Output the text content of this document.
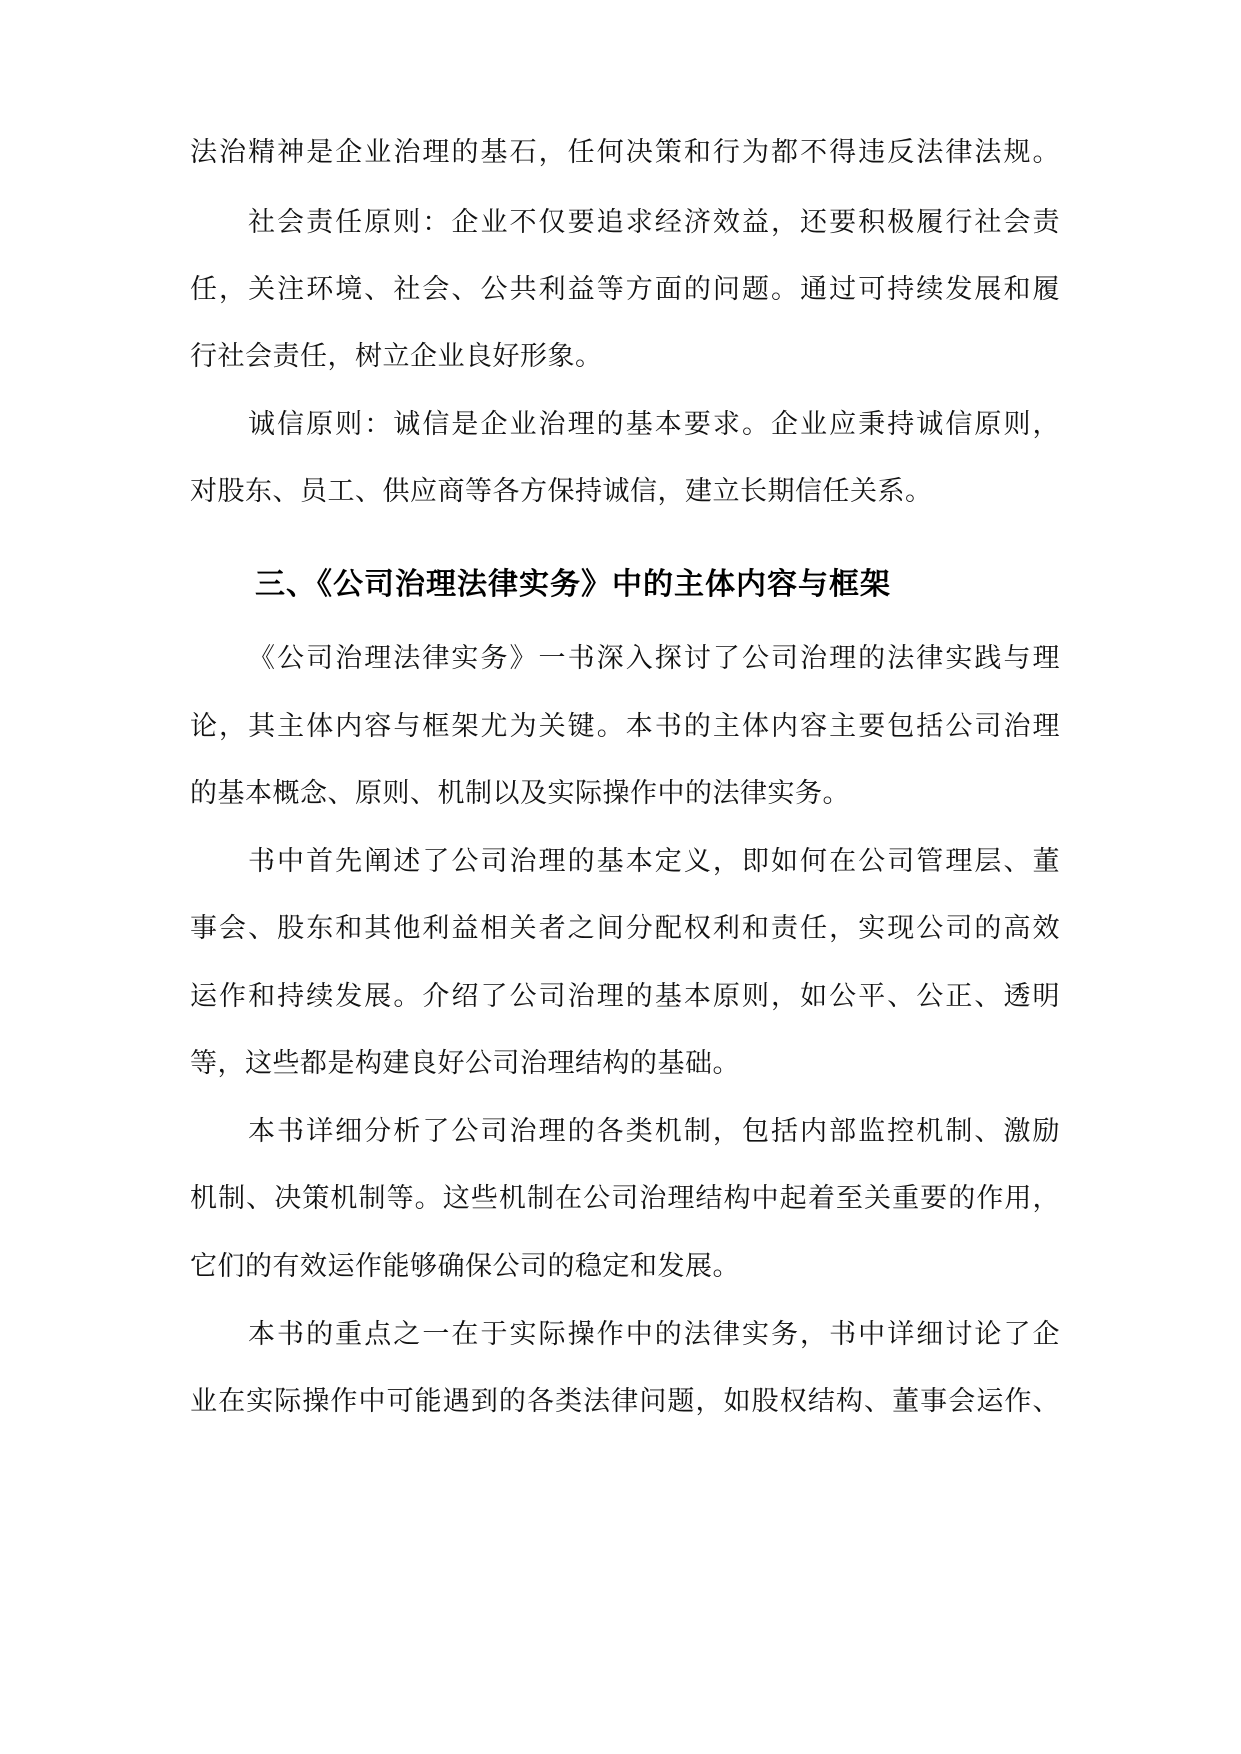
法治精神是企业治理的基石，任何决策和行为都不得违反法律法规。
社会责任原则：企业不仅要追求经济效益，还要积极履行社会责
任，关注环境、社会、公共利益等方面的问题。通过可持续发展和履
行社会责任，树立企业良好形象。
诚信原则：诚信是企业治理的基本要求。企业应秉持诚信原则，
对股东、员工、供应商等各方保持诚信，建立长期信任关系。
三、《公司治理法律实务》中的主体内容与框架
《公司治理法律实务》一书深入探讨了公司治理的法律实践与理
论，其主体内容与框架尤为关键。本书的主体内容主要包括公司治理
的基本概念、原则、机制以及实际操作中的法律实务。
书中首先阐述了公司治理的基本定义，即如何在公司管理层、董
事会、股东和其他利益相关者之间分配权利和责任，实现公司的高效
运作和持续发展。介绍了公司治理的基本原则，如公平、公正、透明
等，这些都是构建良好公司治理结构的基础。
本书详细分析了公司治理的各类机制，包括内部监控机制、激励
机制、决策机制等。这些机制在公司治理结构中起着至关重要的作用，
它们的有效运作能够确保公司的稳定和发展。
本书的重点之一在于实际操作中的法律实务，书中详细讨论了企
业在实际操作中可能遇到的各类法律问题，如股权结构、董事会运作、
